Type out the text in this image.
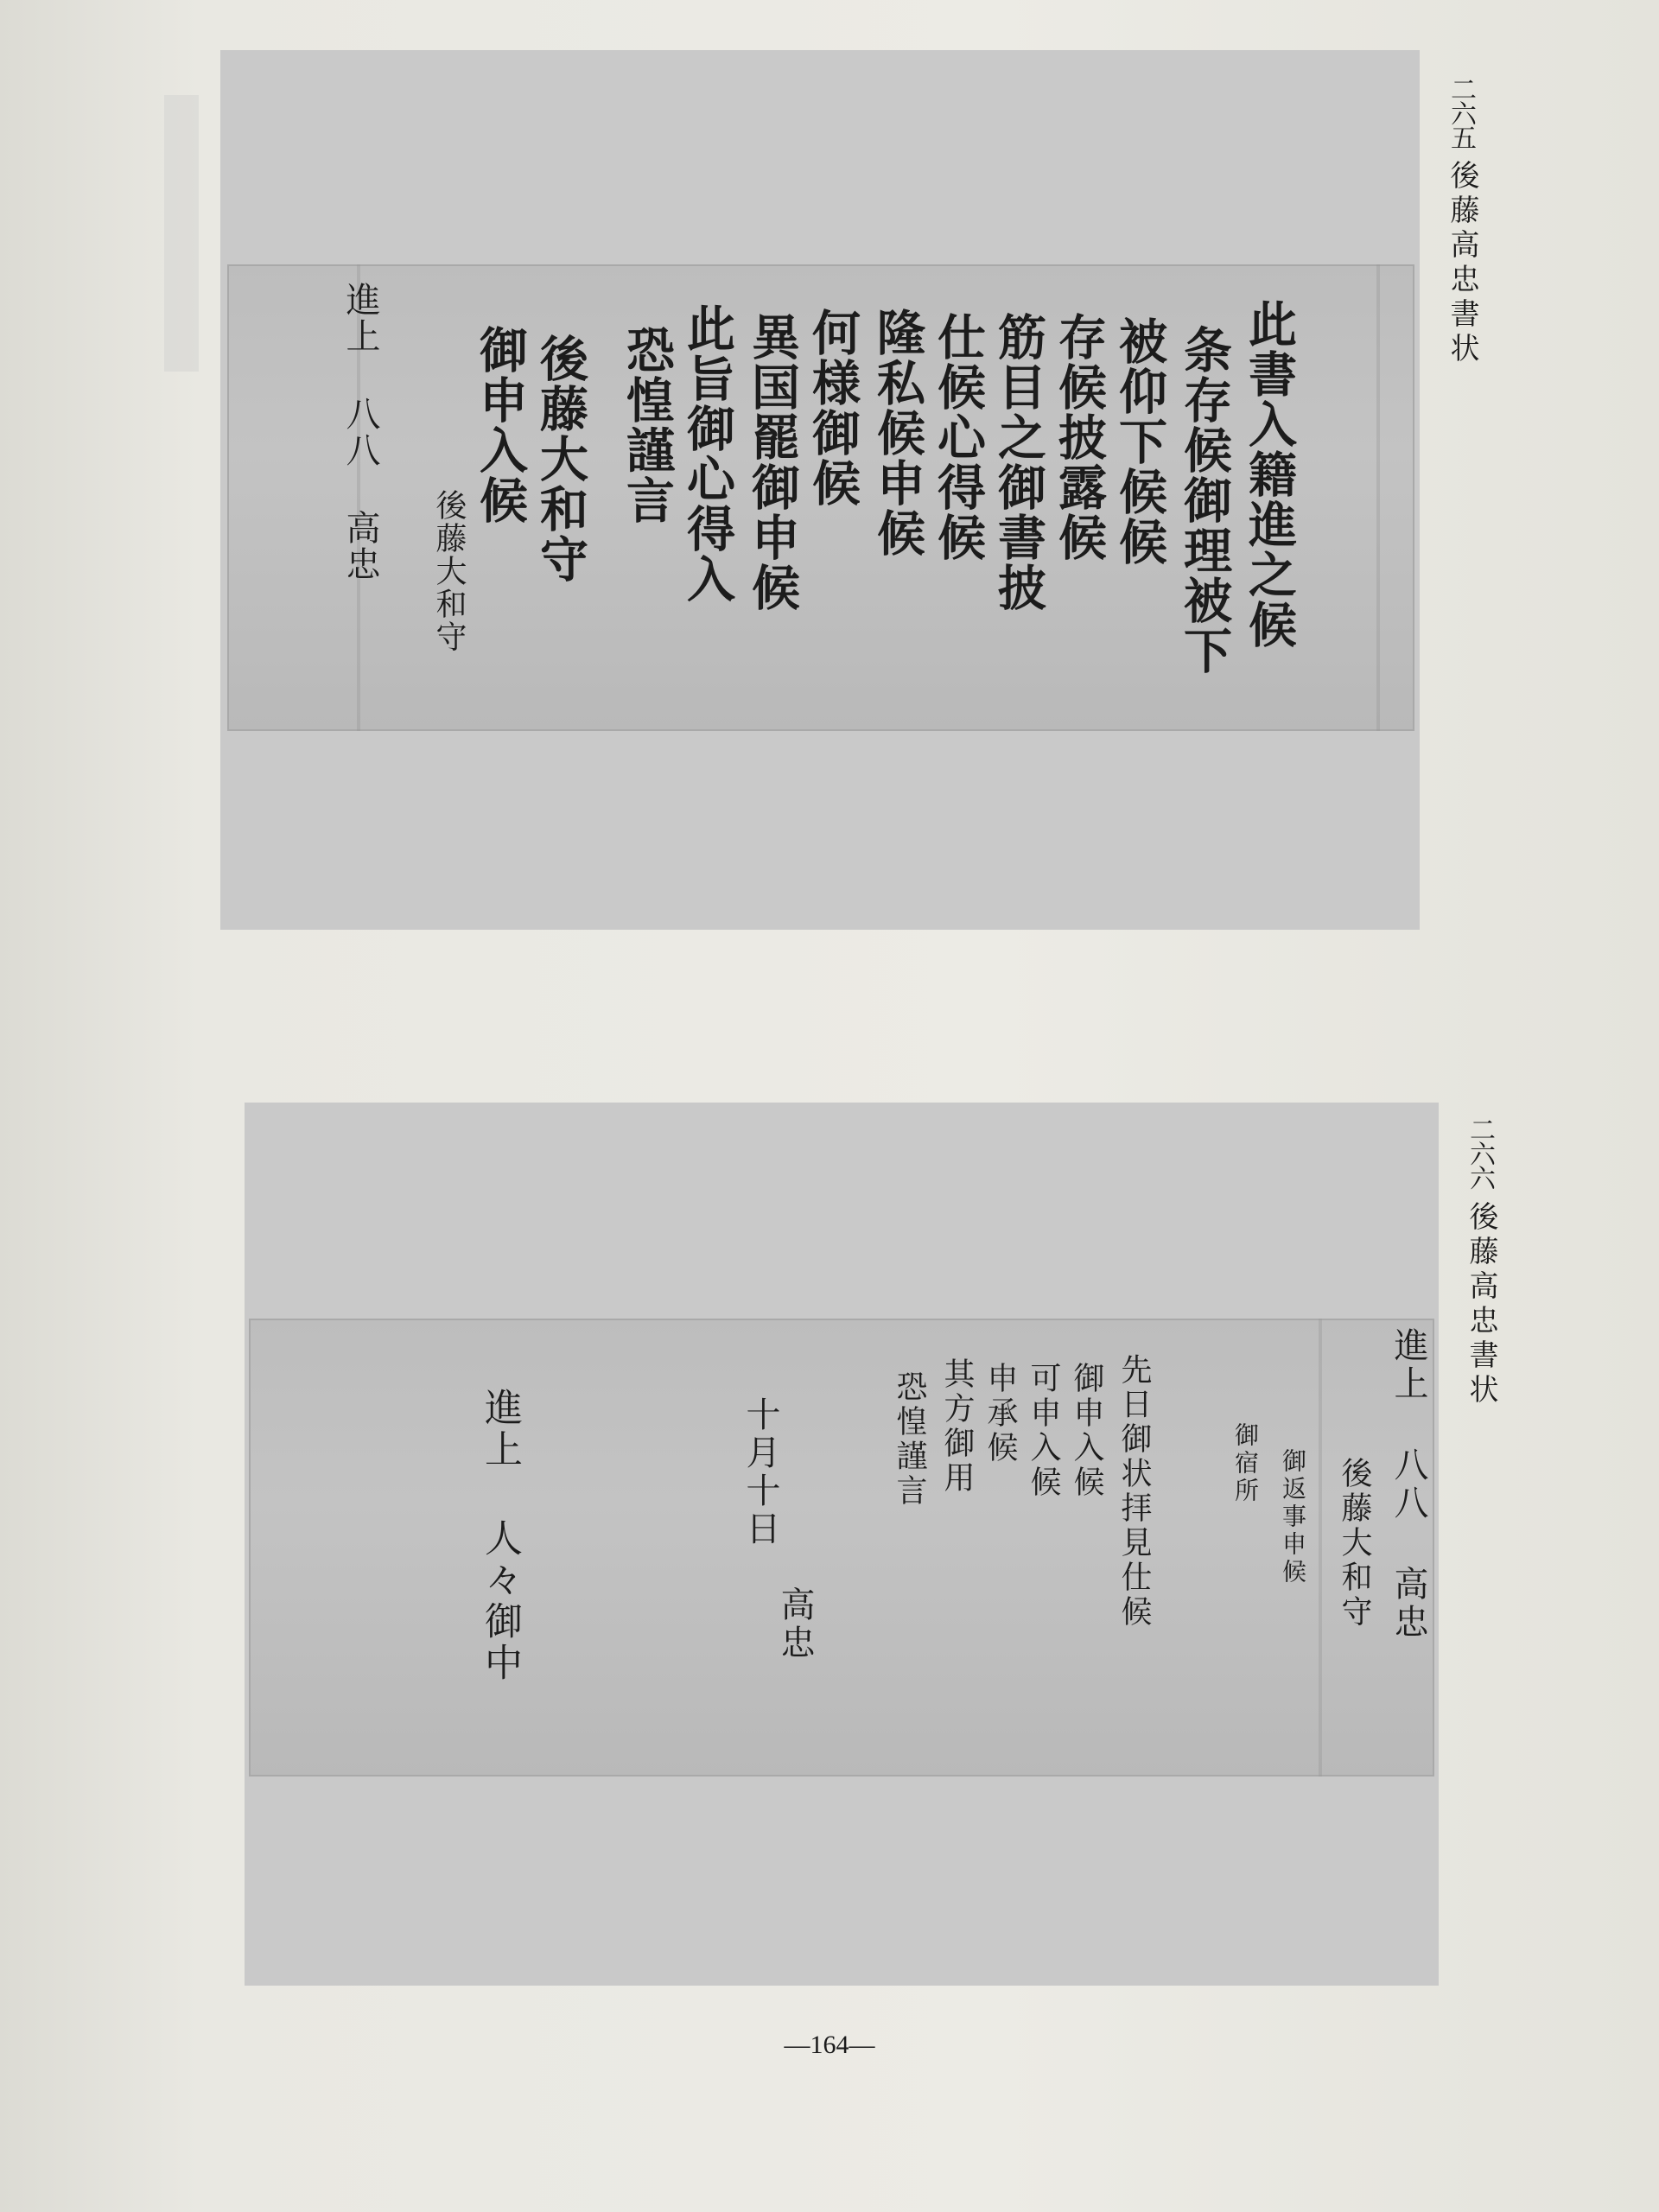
此書入籍進之候
条存候御理被下
被仰下候候
存候披露候
筋目之御書披
仕候心得候
隆私候申候
何様御候
異国罷御申候
此旨御心得入
恐惶謹言
後藤大和守
御申入候
後藤大和守
進上 八八 高忠
二六五
後藤高忠書状
進上 八八 高忠
後藤大和守
御返事申候
御宿所
先日御状拝見仕候
御申入候
可申入候
申承候
其方御用
恐惶謹言
十月十日
高忠
進上 人々御中
二六六
後藤高忠書状
—164—
